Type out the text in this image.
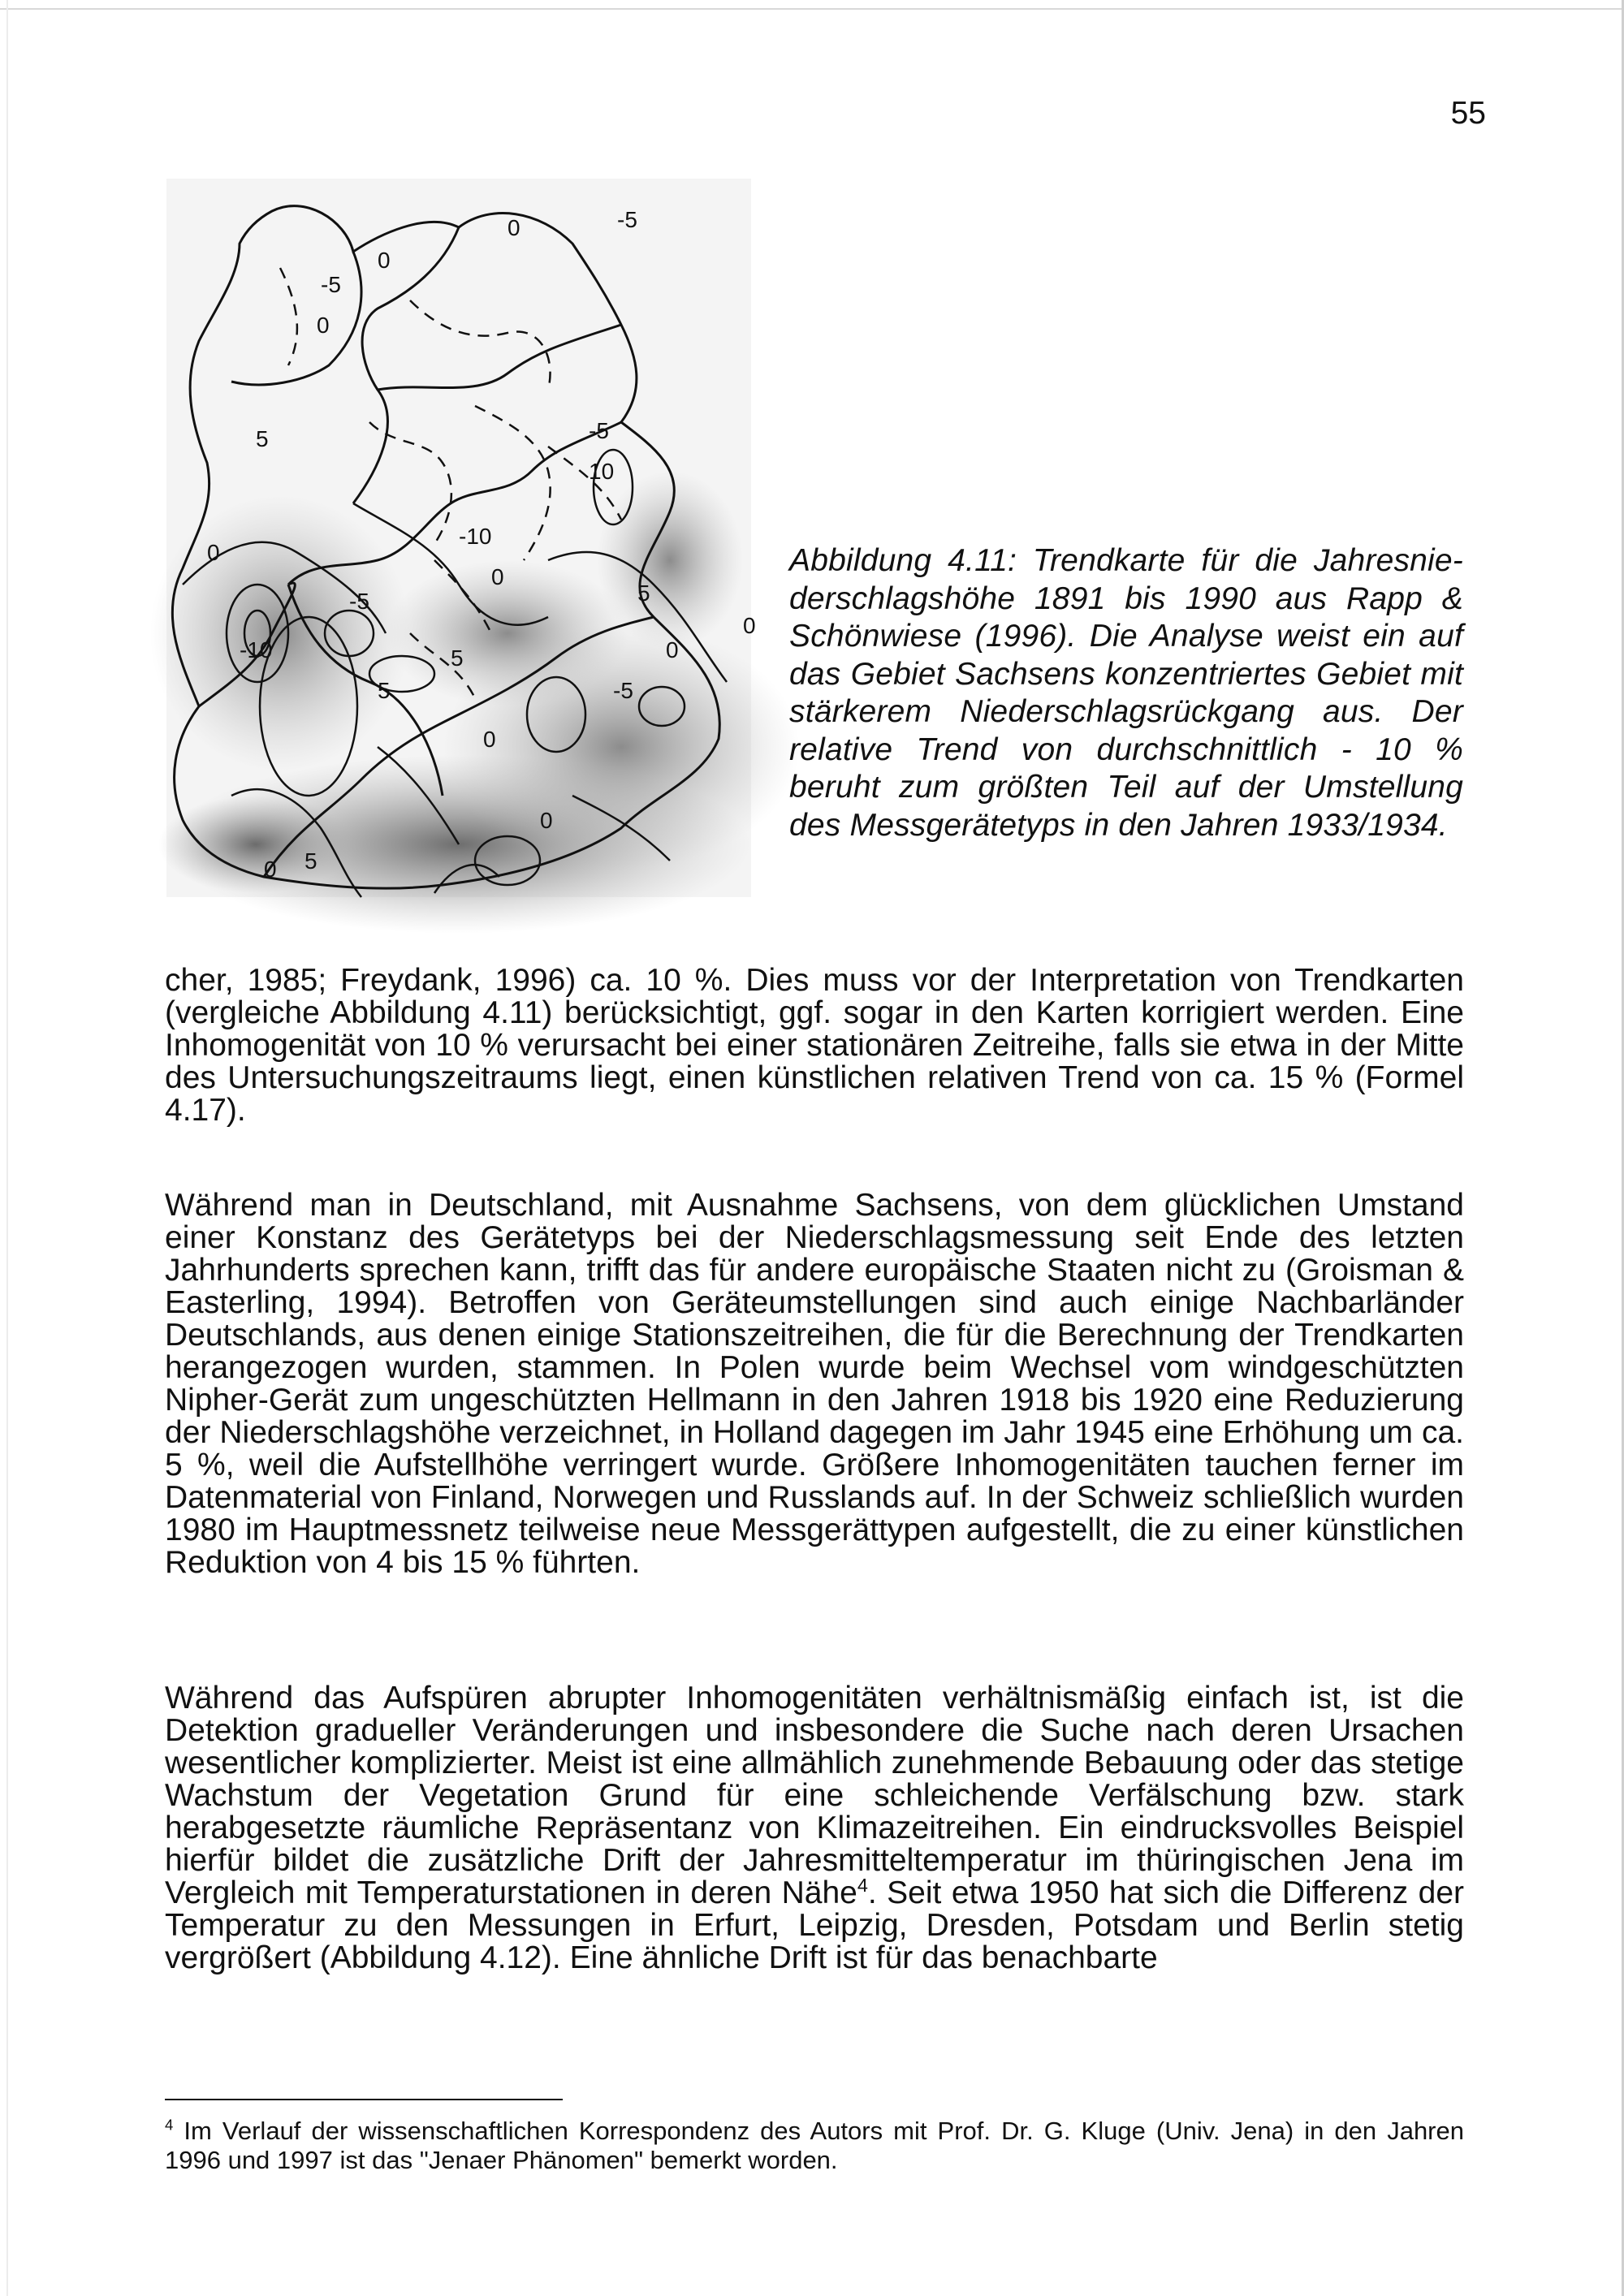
55
-10
0
0	-5
-5
10
-5
0
5
0
0
5	0
-5	5
-10
0
5
0
-5
0
5
0
Abbildung 4.11: Trendkarte für die Jahresnie-derschlagshöhe 1891 bis 1990 aus Rapp & Schönwiese (1996). Die Analyse weist ein auf das Gebiet Sachsens konzentriertes Gebiet mit stärkerem Niederschlagsrückgang aus. Der relative Trend von durchschnittlich - 10 % beruht zum größten Teil auf der Umstellung des Messgerätetyps in den Jahren 1933/1934.
cher, 1985; Freydank, 1996) ca. 10 %. Dies muss vor der Interpretation von Trendkarten (vergleiche Abbildung 4.11) berücksichtigt, ggf. sogar in den Karten korrigiert werden. Eine Inhomogenität von 10 % verursacht bei einer stationären Zeitreihe, falls sie etwa in der Mitte des Untersuchungszeitraums liegt, einen künstlichen relativen Trend von ca. 15 % (Formel 4.17).
Während man in Deutschland, mit Ausnahme Sachsens, von dem glücklichen Umstand einer Konstanz des Gerätetyps bei der Niederschlagsmessung seit Ende des letzten Jahrhunderts sprechen kann, trifft das für andere europäische Staaten nicht zu (Groisman & Easterling, 1994). Betroffen von Geräteumstellungen sind auch einige Nachbarländer Deutschlands, aus denen einige Stationszeitreihen, die für die Berechnung der Trendkarten herangezogen wurden, stammen. In Polen wurde beim Wechsel vom windgeschützten Nipher-Gerät zum ungeschützten Hellmann in den Jahren 1918 bis 1920 eine Reduzierung der Niederschlagshöhe verzeichnet, in Holland dagegen im Jahr 1945 eine Erhöhung um ca. 5 %, weil die Aufstellhöhe verringert wurde. Größere Inhomogenitäten tauchen ferner im Datenmaterial von Finland, Norwegen und Russlands auf. In der Schweiz schließlich wurden 1980 im Hauptmessnetz teilweise neue Messgerättypen aufgestellt, die zu einer künstlichen Reduktion von 4 bis 15 % führten.
Während das Aufspüren abrupter Inhomogenitäten verhältnismäßig einfach ist, ist die Detektion gradueller Veränderungen und insbesondere die Suche nach deren Ursachen wesentlicher komplizierter. Meist ist eine allmählich zunehmende Bebauung oder das stetige Wachstum der Vegetation Grund für eine schleichende Verfälschung bzw. stark herabgesetzte räumliche Repräsentanz von Klimazeitreihen. Ein eindrucksvolles Beispiel hierfür bildet die zusätzliche Drift der Jahresmitteltemperatur im thüringischen Jena im Vergleich mit Temperaturstationen in deren Nähe$^4$. Seit etwa 1950 hat sich die Differenz der Temperatur zu den Messungen in Erfurt, Leipzig, Dresden, Potsdam und Berlin stetig vergrößert (Abbildung 4.12). Eine ähnliche Drift ist für das benachbarte
$^4$ Im Verlauf der wissenschaftlichen Korrespondenz des Autors mit Prof. Dr. G. Kluge (Univ. Jena) in den Jahren 1996 und 1997 ist das "Jenaer Phänomen" bemerkt worden.
